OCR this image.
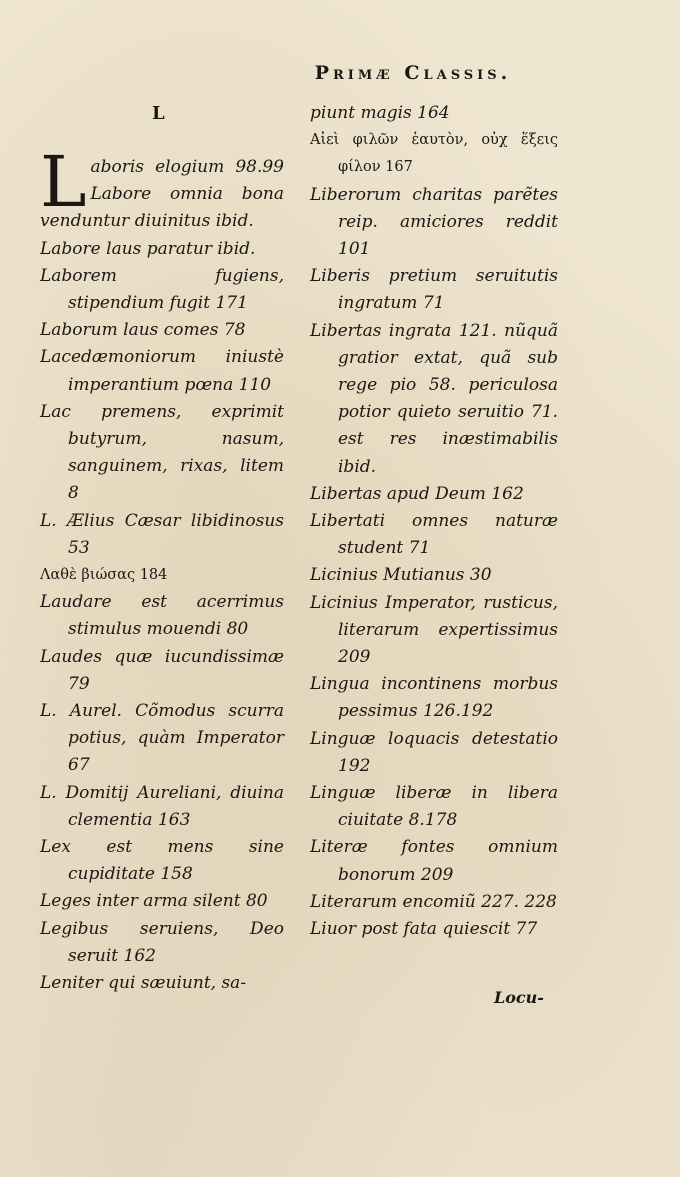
Primæ Classis.
L
L aboris elogium 98.99 Labore omnia bona venduntur diuinitus ibid.
Labore laus paratur ibid.
Laborem fugiens, stipendium fugit 171
Laborum laus comes 78
Lacedæmoniorum iniustè imperantium pœna 110
Lac premens, exprimit butyrum, nasum, sanguinem, rixas, litem 8
L. Ælius Cæsar libidinosus 53
Λαθὲ βιώσας 184
Laudare est acerrimus stimulus mouendi 80
Laudes quæ iucundissimæ 79
L. Aurel. Cõmodus scurra potius, quàm Imperator 67
L. Domitij Aureliani, diuina clementia 163
Lex est mens sine cupiditate 158
Leges inter arma silent 80
Legibus seruiens, Deo seruit 162
Leniter qui sæuiunt, sa-
piunt magis 164
Αἰεὶ φιλῶν ἑαυτὸν, οὐχ ἕξεις φίλον 167
Liberorum charitas parẽtes reip. amiciores reddit 101
Liberis pretium seruitutis ingratum 71
Libertas ingrata 121. nũquã gratior extat, quã sub rege pio 58. periculosa potior quieto seruitio 71. est res inæstimabilis ibid.
Libertas apud Deum 162
Libertati omnes naturæ student 71
Licinius Mutianus 30
Licinius Imperator, rusticus, literarum expertissimus 209
Lingua incontinens morbus pessimus 126.192
Linguæ loquacis detestatio 192
Linguæ liberæ in libera ciuitate 8.178
Literæ fontes omnium bonorum 209
Literarum encomiũ 227. 228
Liuor post fata quiescit 77
Locu-
